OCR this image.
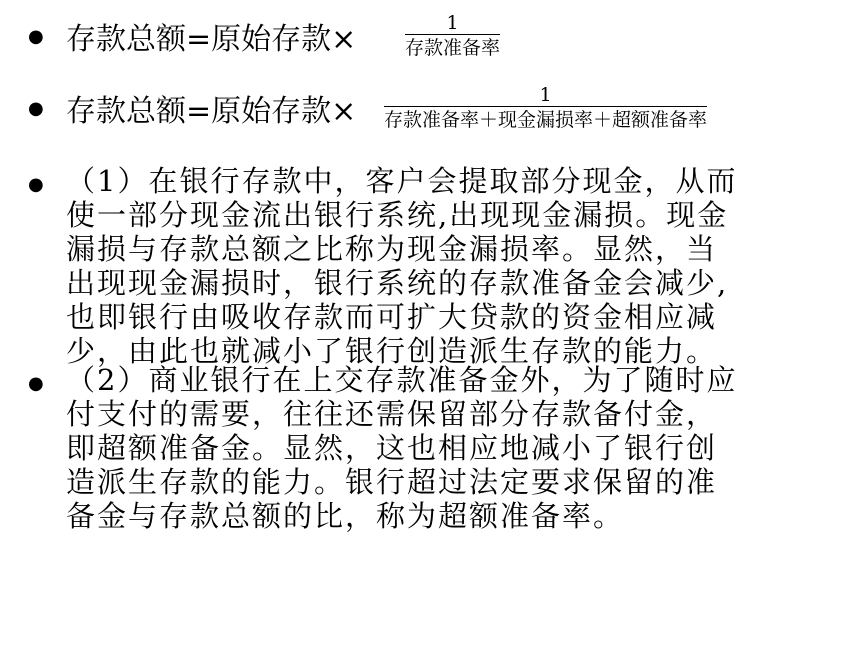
● 存款总额=原始存款×	1
存款准备率
● 存款总额=原始存款×	1
存款准备率＋现金漏损率＋超额准备率
● （1）在银行存款中，客户会提取部分现金，从而
使一部分现金流出银行系统,出现现金漏损。现金
漏损与存款总额之比称为现金漏损率。显然，当
出现现金漏损时，银行系统的存款准备金会减少,
也即银行由吸收存款而可扩大贷款的资金相应减
少，由此也就减小了银行创造派生存款的能力。

● （2）商业银行在上交存款准备金外，为了随时应
付支付的需要，往往还需保留部分存款备付金，
即超额准备金。显然，这也相应地减小了银行创
造派生存款的能力。银行超过法定要求保留的准
备金与存款总额的比，称为超额准备率。
